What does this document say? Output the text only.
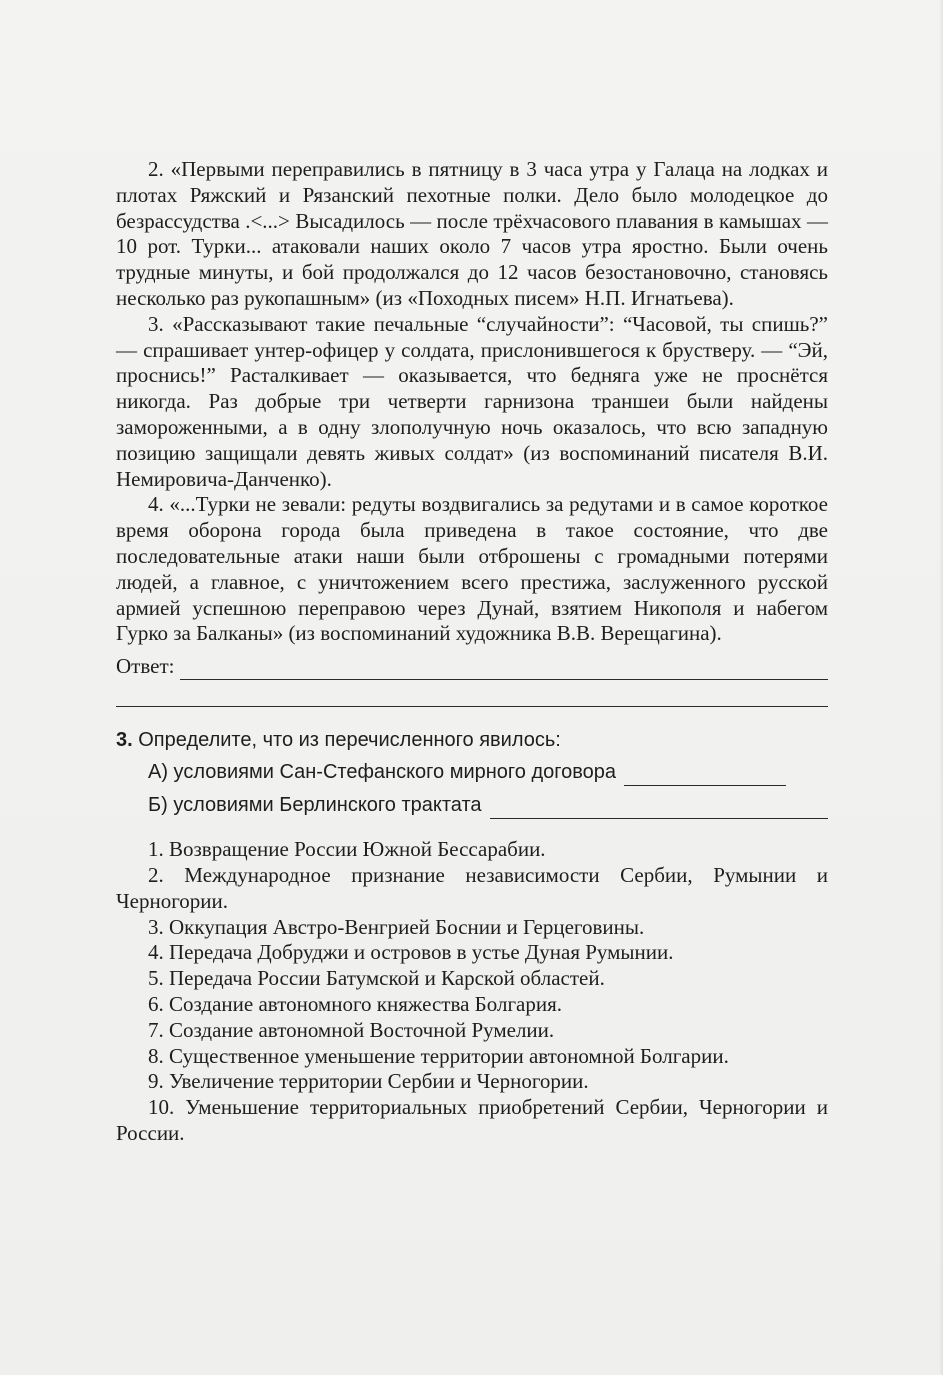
2. «Первыми переправились в пятницу в 3 часа утра у Галаца на лодках и плотах Ряжский и Рязанский пехотные полки. Дело было молодецкое до безрассудства .<...> Высадилось — после трёхчасового плавания в камышах — 10 рот. Турки... атаковали наших около 7 часов утра яростно. Были очень трудные минуты, и бой продолжался до 12 часов безостановочно, становясь несколько раз рукопашным» (из «Походных писем» Н.П. Игнатьева).

3. «Рассказывают такие печальные “случайности”: “Часовой, ты спишь?” — спрашивает унтер-офицер у солдата, прислонившегося к брустверу. — “Эй, проснись!” Расталкивает — оказывается, что бедняга уже не проснётся никогда. Раз добрые три четверти гарнизона траншеи были найдены замороженными, а в одну злополучную ночь оказалось, что всю западную позицию защищали девять живых солдат» (из воспоминаний писателя В.И. Немировича-Данченко).

4. «...Турки не зевали: редуты воздвигались за редутами и в самое короткое время оборона города была приведена в такое состояние, что две последовательные атаки наши были отброшены с громадными потерями людей, а главное, с уничтожением всего престижа, заслуженного русской армией успешною переправою через Дунай, взятием Никополя и набегом Гурко за Балканы» (из воспоминаний художника В.В. Верещагина).

Ответ:
3. Определите, что из перечисленного явилось:
А) условиями Сан-Стефанского мирного договора
Б) условиями Берлинского трактата
1. Возвращение России Южной Бессарабии.
2. Международное признание независимости Сербии, Румынии и Черногории.
3. Оккупация Австро-Венгрией Боснии и Герцеговины.
4. Передача Добруджи и островов в устье Дуная Румынии.
5. Передача России Батумской и Карской областей.
6. Создание автономного княжества Болгария.
7. Создание автономной Восточной Румелии.
8. Существенное уменьшение территории автономной Болгарии.
9. Увеличение территории Сербии и Черногории.
10. Уменьшение территориальных приобретений Сербии, Черногории и России.
